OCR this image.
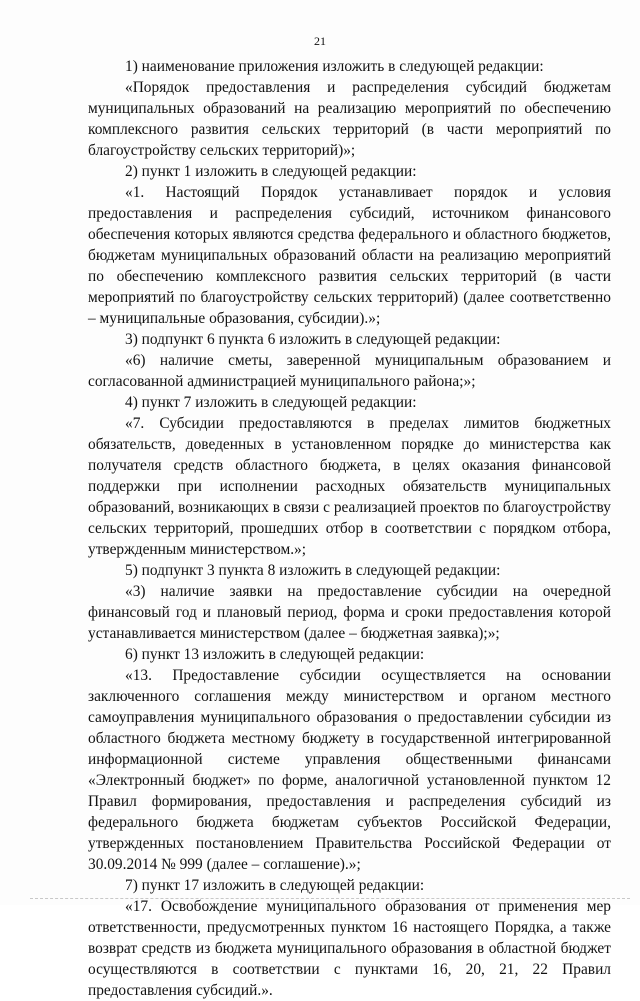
21

1) наименование приложения изложить в следующей редакции:

«Порядок предоставления и распределения субсидий бюджетам муниципальных образований на реализацию мероприятий по обеспечению комплексного развития сельских территорий (в части мероприятий по благоустройству сельских территорий)»;

2) пункт 1 изложить в следующей редакции:

«1. Настоящий Порядок устанавливает порядок и условия предоставления и распределения субсидий, источником финансового обеспечения которых являются средства федерального и областного бюджетов, бюджетам муниципальных образований области на реализацию мероприятий по обеспечению комплексного развития сельских территорий (в части мероприятий по благоустройству сельских территорий) (далее соответственно – муниципальные образования, субсидии).»;

3) подпункт 6 пункта 6 изложить в следующей редакции:

«6) наличие сметы, заверенной муниципальным образованием и согласованной администрацией муниципального района;»;

4) пункт 7 изложить в следующей редакции:

«7. Субсидии предоставляются в пределах лимитов бюджетных обязательств, доведенных в установленном порядке до министерства как получателя средств областного бюджета, в целях оказания финансовой поддержки при исполнении расходных обязательств муниципальных образований, возникающих в связи с реализацией проектов по благоустройству сельских территорий, прошедших отбор в соответствии с порядком отбора, утвержденным министерством.»;

5) подпункт 3 пункта 8 изложить в следующей редакции:

«3) наличие заявки на предоставление субсидии на очередной финансовый год и плановый период, форма и сроки предоставления которой устанавливается министерством (далее – бюджетная заявка);»;

6) пункт 13 изложить в следующей редакции:

«13. Предоставление субсидии осуществляется на основании заключенного соглашения между министерством и органом местного самоуправления муниципального образования о предоставлении субсидии из областного бюджета местному бюджету в государственной интегрированной информационной системе управления общественными финансами «Электронный бюджет» по форме, аналогичной установленной пунктом 12 Правил формирования, предоставления и распределения субсидий из федерального бюджета бюджетам субъектов Российской Федерации, утвержденных постановлением Правительства Российской Федерации от 30.09.2014 № 999 (далее – соглашение).»;

7) пункт 17 изложить в следующей редакции:

«17. Освобождение муниципального образования от применения мер ответственности, предусмотренных пунктом 16 настоящего Порядка, а также возврат средств из бюджета муниципального образования в областной бюджет осуществляются в соответствии с пунктами 16, 20, 21, 22 Правил предоставления субсидий.».
